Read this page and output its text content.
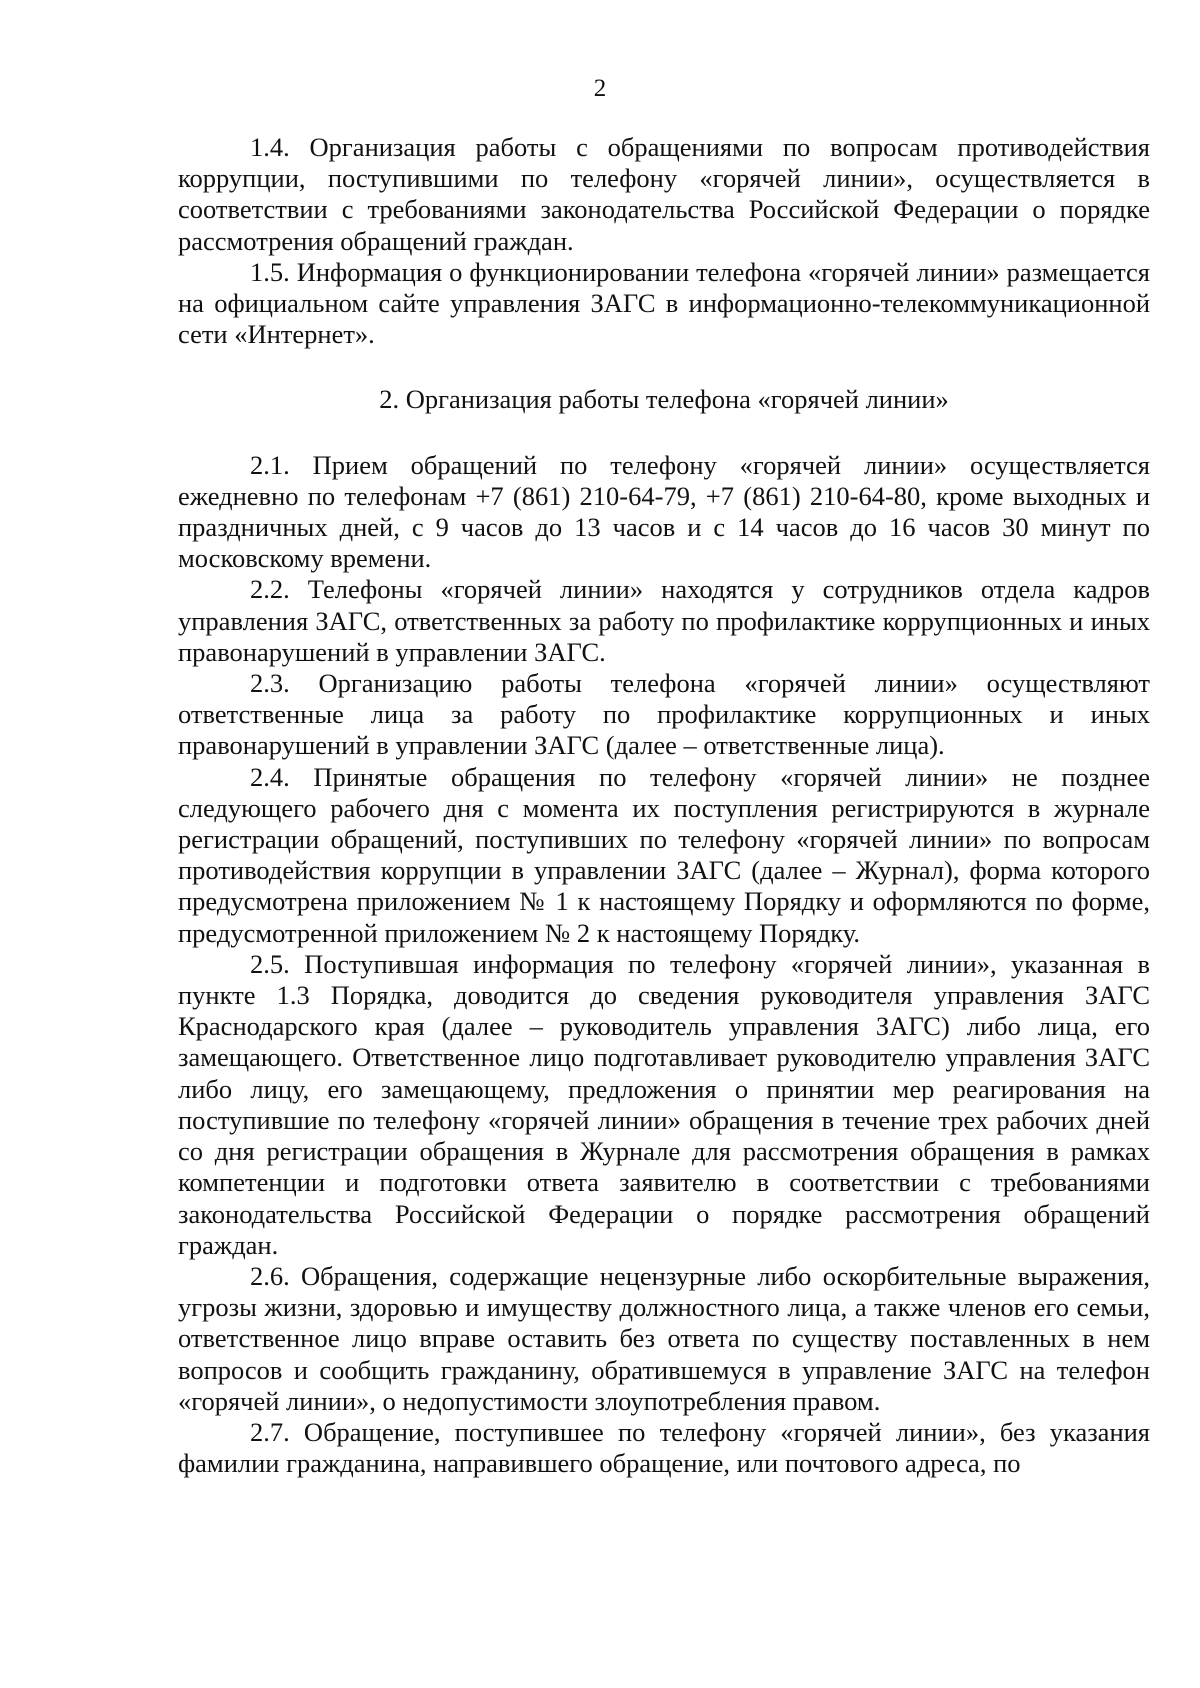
2

1.4. Организация работы с обращениями по вопросам противодействия коррупции, поступившими по телефону «горячей линии», осуществляется в соответствии с требованиями законодательства Российской Федерации о порядке рассмотрения обращений граждан.

1.5. Информация о функционировании телефона «горячей линии» размещается на официальном сайте управления ЗАГС в информационно-телекоммуникационной сети «Интернет».

2. Организация работы телефона «горячей линии»

2.1. Прием обращений по телефону «горячей линии» осуществляется ежедневно по телефонам +7 (861) 210-64-79, +7 (861) 210-64-80, кроме выходных и праздничных дней, с 9 часов до 13 часов и с 14 часов до 16 часов 30 минут по московскому времени.

2.2. Телефоны «горячей линии» находятся у сотрудников отдела кадров управления ЗАГС, ответственных за работу по профилактике коррупционных и иных правонарушений в управлении ЗАГС.

2.3. Организацию работы телефона «горячей линии» осуществляют ответственные лица за работу по профилактике коррупционных и иных правонарушений в управлении ЗАГС (далее – ответственные лица).

2.4. Принятые обращения по телефону «горячей линии» не позднее следующего рабочего дня с момента их поступления регистрируются в журнале регистрации обращений, поступивших по телефону «горячей линии» по вопросам противодействия коррупции в управлении ЗАГС (далее – Журнал), форма которого предусмотрена приложением № 1 к настоящему Порядку и оформляются по форме, предусмотренной приложением № 2 к настоящему Порядку.

2.5. Поступившая информация по телефону «горячей линии», указанная в пункте 1.3 Порядка, доводится до сведения руководителя управления ЗАГС Краснодарского края (далее – руководитель управления ЗАГС) либо лица, его замещающего. Ответственное лицо подготавливает руководителю управления ЗАГС либо лицу, его замещающему, предложения о принятии мер реагирования на поступившие по телефону «горячей линии» обращения в течение трех рабочих дней со дня регистрации обращения в Журнале для рассмотрения обращения в рамках компетенции и подготовки ответа заявителю в соответствии с требованиями законодательства Российской Федерации о порядке рассмотрения обращений граждан.

2.6. Обращения, содержащие нецензурные либо оскорбительные выражения, угрозы жизни, здоровью и имуществу должностного лица, а также членов его семьи, ответственное лицо вправе оставить без ответа по существу поставленных в нем вопросов и сообщить гражданину, обратившемуся в управление ЗАГС на телефон «горячей линии», о недопустимости злоупотребления правом.

2.7. Обращение, поступившее по телефону «горячей линии», без указания фамилии гражданина, направившего обращение, или почтового адреса, по
